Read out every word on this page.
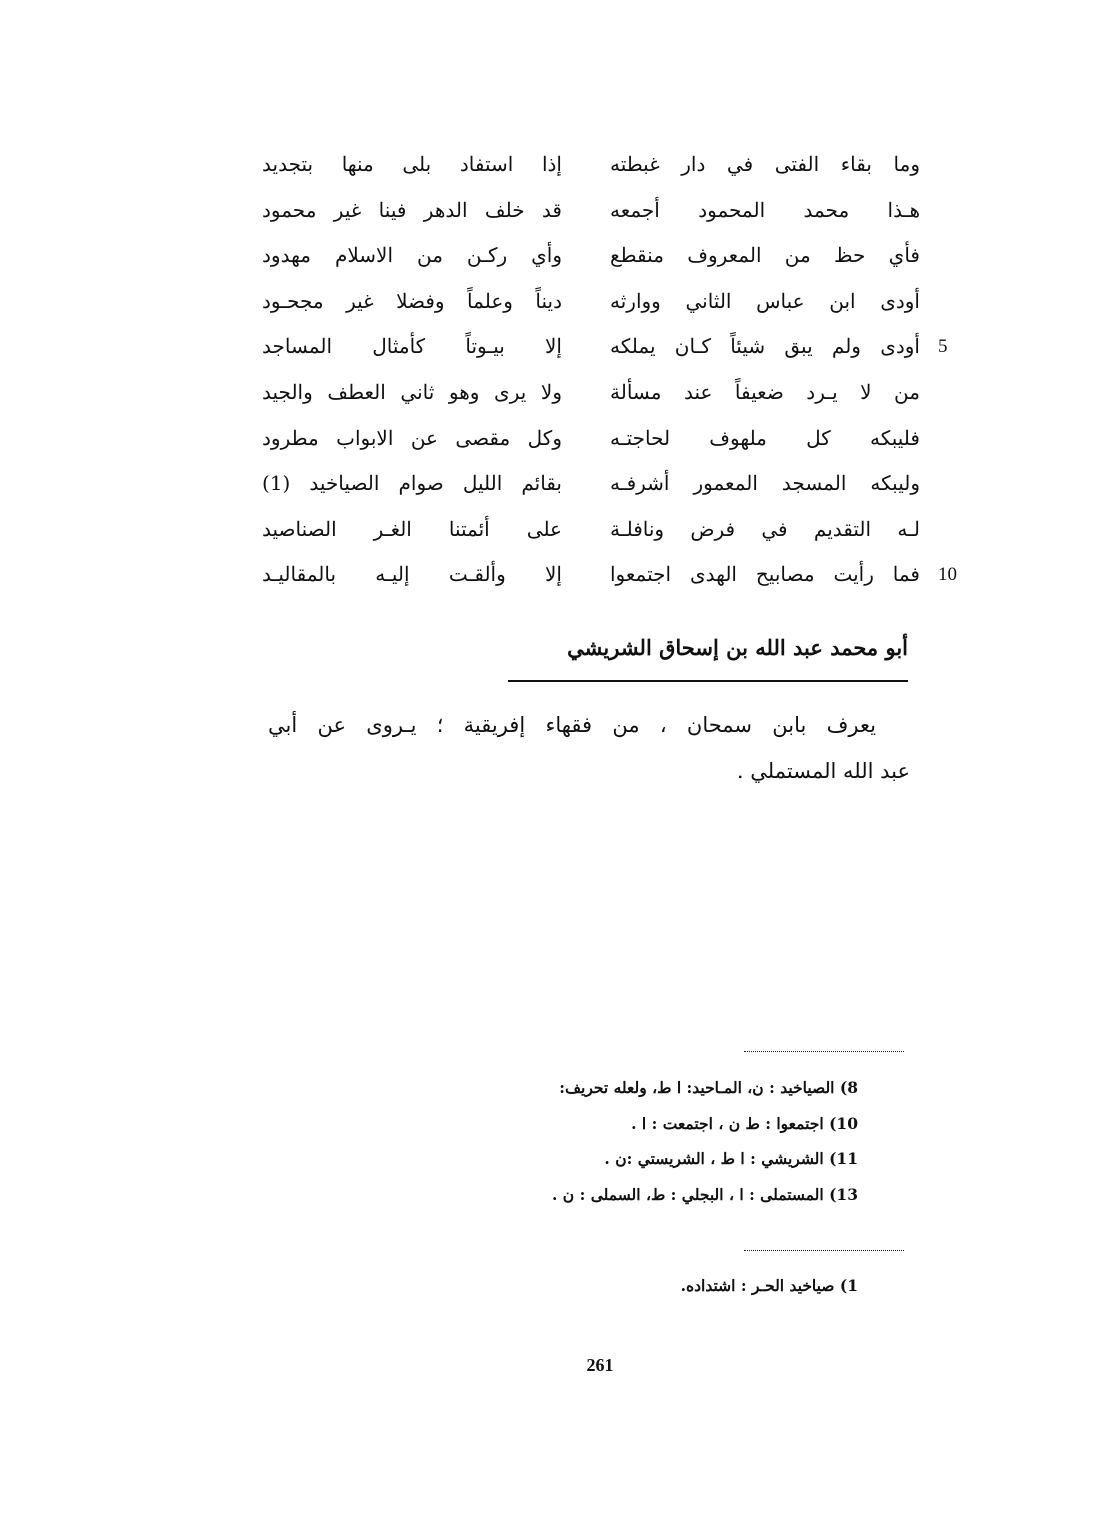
وما بقاء الفتى في دار غبطته
إذا استفاد بلى منها بتجديد
هـذا محمد المحمود أجمعه
قد خلف الدهر فينا غير محمود
فأي حظ من المعروف منقطع
وأي ركـن من الاسلام مهدود
أودى ابن عباس الثاني ووارثه
ديناً وعلماً وفضلا غير مجحـود
أودى ولم يبق شيئاً كـان يملكه
إلا بيـوتاً كأمثال المساجد	5
من لا يـرد ضعيفاً عند مسألة
ولا يرى وهو ثاني العطف والجيد
فليبكه كل ملهوف لحاجتـه
وكل مقصى عن الابواب مطرود
وليبكه المسجد المعمور أشرفـه
بقائم الليل صوام الصياخيد (1)
لـه التقديم في فرض ونافلـة
على أئمتنا الغـر الصناصيد
فما رأيت مصابيح الهدى اجتمعوا
إلا وألقـت إليـه بالمقاليـد	10
أبو محمد عبد الله بن إسحاق الشريشي
يعرف بابن سمحان ، من فقهاء إفريقية ؛ يـروى عن أبي
عبد الله المستملي .
8) الصياخيد : ن، المـاحيد: ا ط، ولعله تحريف:
10) اجتمعوا : ط ن ، اجتمعت : ا .
11) الشريشي : ا ط ، الشريستي :ن .
13) المستملى : ا ، البجلي : ط، السملى : ن .
1) صياخيد الحـر : اشتداده.
261
